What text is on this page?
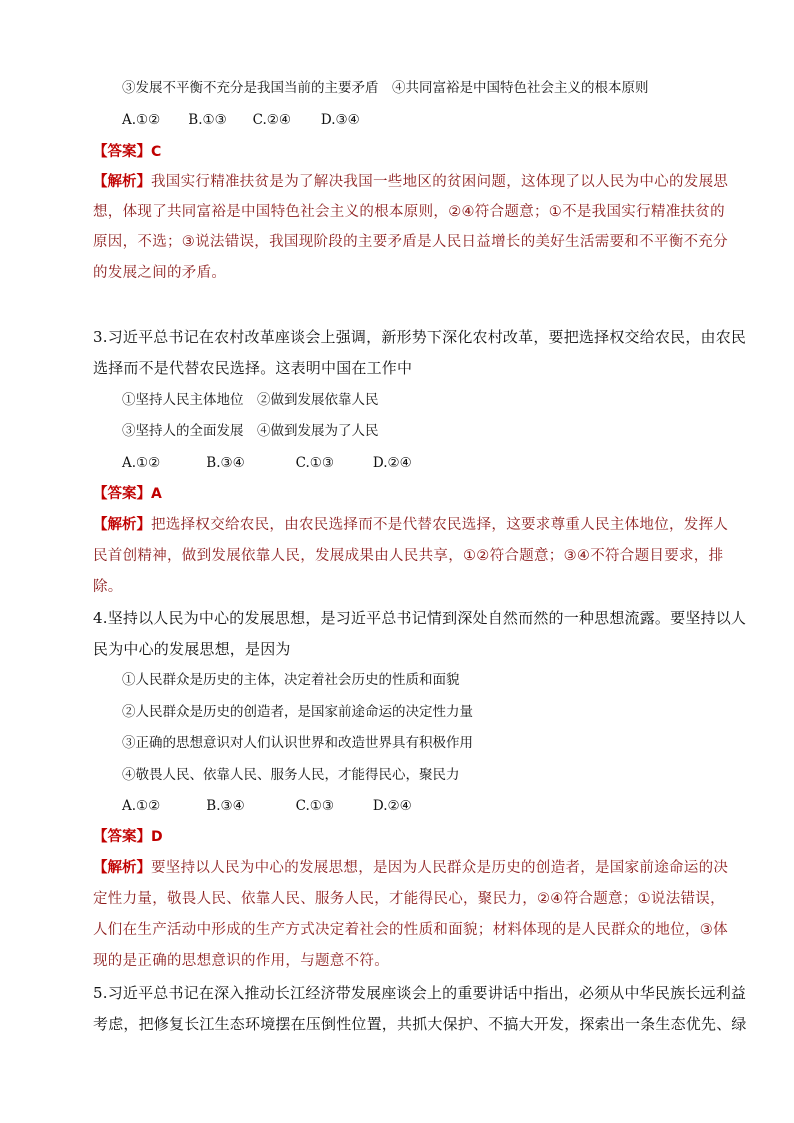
③发展不平衡不充分是我国当前的主要矛盾　④共同富裕是中国特色社会主义的根本原则
A.①② B.①③ C.②④ D.③④
【答案】C
【解析】我国实行精准扶贫是为了解决我国一些地区的贫困问题，这体现了以人民为中心的发展思
想，体现了共同富裕是中国特色社会主义的根本原则，②④符合题意；①不是我国实行精准扶贫的
原因，不选；③说法错误，我国现阶段的主要矛盾是人民日益增长的美好生活需要和不平衡不充分
的发展之间的矛盾。
3.习近平总书记在农村改革座谈会上强调，新形势下深化农村改革，要把选择权交给农民，由农民
选择而不是代替农民选择。这表明中国在工作中
①坚持人民主体地位　②做到发展依靠人民
③坚持人的全面发展　④做到发展为了人民
A.①②	B.③④	C.①③	D.②④
【答案】A
【解析】把选择权交给农民，由农民选择而不是代替农民选择，这要求尊重人民主体地位，发挥人
民首创精神，做到发展依靠人民，发展成果由人民共享，①②符合题意；③④不符合题目要求，排
除。
4.坚持以人民为中心的发展思想，是习近平总书记情到深处自然而然的一种思想流露。要坚持以人
民为中心的发展思想，是因为
①人民群众是历史的主体，决定着社会历史的性质和面貌
②人民群众是历史的创造者，是国家前途命运的决定性力量
③正确的思想意识对人们认识世界和改造世界具有积极作用
④敬畏人民、依靠人民、服务人民，才能得民心，聚民力
A.①②	B.③④	C.①③	D.②④
【答案】D
【解析】要坚持以人民为中心的发展思想，是因为人民群众是历史的创造者，是国家前途命运的决
定性力量，敬畏人民、依靠人民、服务人民，才能得民心，聚民力，②④符合题意；①说法错误，
人们在生产活动中形成的生产方式决定着社会的性质和面貌；材料体现的是人民群众的地位，③体
现的是正确的思想意识的作用，与题意不符。
5.习近平总书记在深入推动长江经济带发展座谈会上的重要讲话中指出，必须从中华民族长远利益
考虑，把修复长江生态环境摆在压倒性位置，共抓大保护、不搞大开发，探索出一条生态优先、绿
